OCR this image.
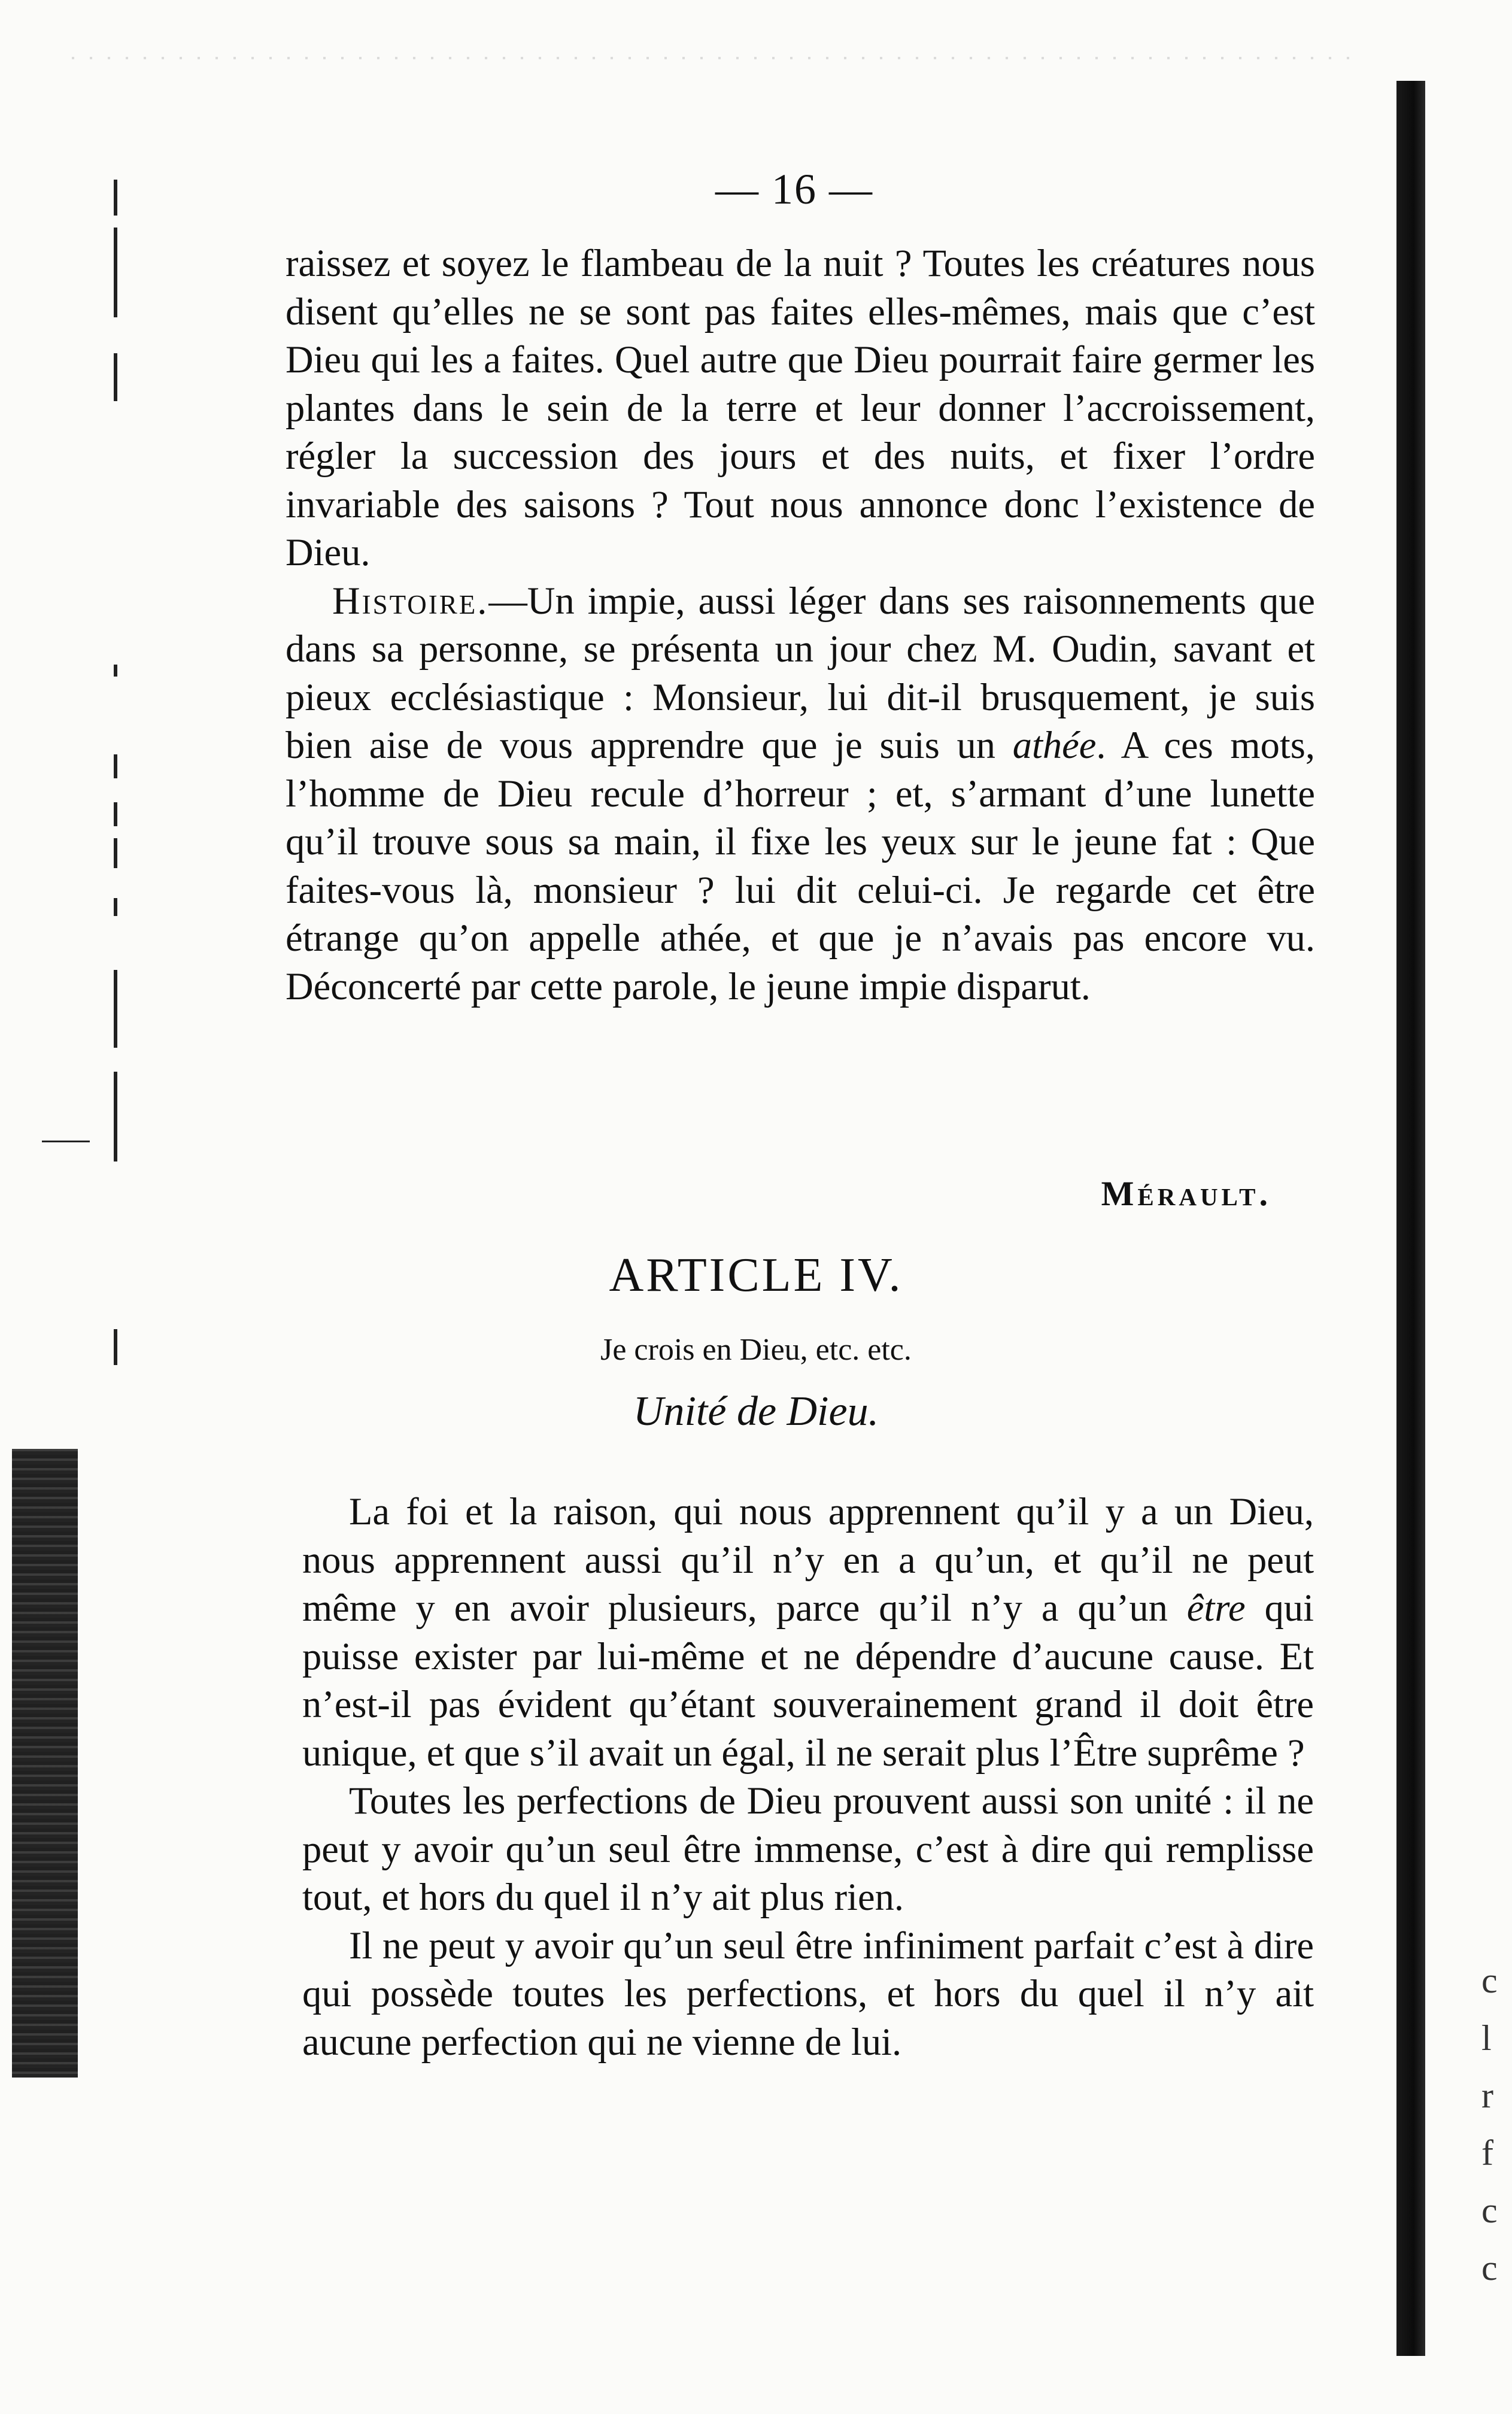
c
l
r
f
c
c
— 16 —

raissez et soyez le flambeau de la nuit ? Toutes les créatures nous disent qu’elles ne se sont pas faites elles-mêmes, mais que c’est Dieu qui les a faites. Quel autre que Dieu pourrait faire germer les plantes dans le sein de la terre et leur donner l’accroissement, régler la succession des jours et des nuits, et fixer l’ordre invariable des saisons ? Tout nous annonce donc l’existence de Dieu.

Histoire.—Un impie, aussi léger dans ses raisonnements que dans sa personne, se présenta un jour chez M. Oudin, savant et pieux ecclésiastique : Monsieur, lui dit-il brusquement, je suis bien aise de vous apprendre que je suis un athée. A ces mots, l’homme de Dieu recule d’horreur ; et, s’armant d’une lunette qu’il trouve sous sa main, il fixe les yeux sur le jeune fat : Que faites-vous là, monsieur ? lui dit celui-ci. Je regarde cet être étrange qu’on appelle athée, et que je n’avais pas encore vu. Déconcerté par cette parole, le jeune impie disparut.

Mérault.
ARTICLE IV.
Je crois en Dieu, etc. etc.
Unité de Dieu.

La foi et la raison, qui nous apprennent qu’il y a un Dieu, nous apprennent aussi qu’il n’y en a qu’un, et qu’il ne peut même y en avoir plusieurs, parce qu’il n’y a qu’un être qui puisse exister par lui-même et ne dépendre d’aucune cause. Et n’est-il pas évident qu’étant souverainement grand il doit être unique, et que s’il avait un égal, il ne serait plus l’Être suprême ?

Toutes les perfections de Dieu prouvent aussi son unité : il ne peut y avoir qu’un seul être immense, c’est à dire qui remplisse tout, et hors du quel il n’y ait plus rien.

Il ne peut y avoir qu’un seul être infiniment parfait c’est à dire qui possède toutes les perfections, et hors du quel il n’y ait aucune perfection qui ne vienne de lui.
